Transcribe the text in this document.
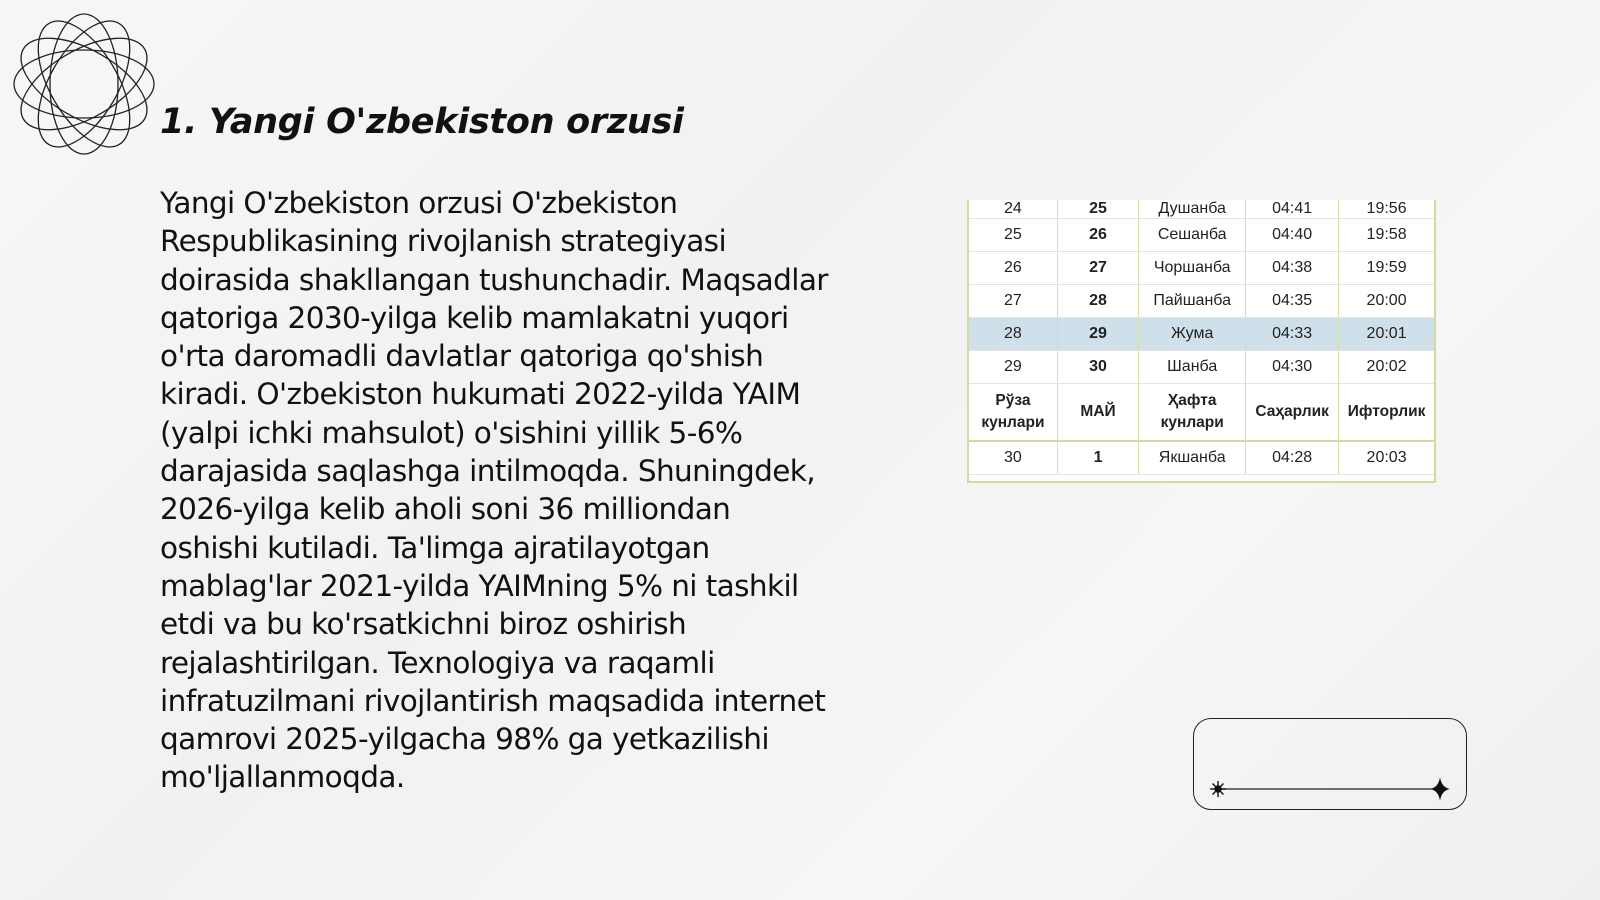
1. Yangi O'zbekiston orzusi
Yangi O'zbekiston orzusi O'zbekiston Respublikasining rivojlanish strategiyasi doirasida shakllangan tushunchadir. Maqsadlar qatoriga 2030-yilga kelib mamlakatni yuqori o'rta daromadli davlatlar qatoriga qo'shish kiradi. O'zbekiston hukumati 2022-yilda YAIM (yalpi ichki mahsulot) o'sishini yillik 5-6% darajasida saqlashga intilmoqda. Shuningdek, 2026-yilga kelib aholi soni 36 milliondan oshishi kutiladi. Ta'limga ajratilayotgan mablag'lar 2021-yilda YAIMning 5% ni tashkil etdi va bu ko'rsatkichni biroz oshirish rejalashtirilgan. Texnologiya va raqamli infratuzilmani rivojlantirish maqsadida internet qamrovi 2025-yilgacha 98% ga yetkazilishi mo'ljallanmoqda.
24	25	Душанба	04:41	19:56
25	26	Сешанба	04:40	19:58
26	27	Чоршанба	04:38	19:59
27	28	Пайшанба	04:35	20:00
28	29	Жума	04:33	20:01
29	30	Шанба	04:30	20:02
Рўза кунлари	МАЙ	Ҳафта кунлари	Саҳарлик	Ифторлик
30	1	Якшанба	04:28	20:03
